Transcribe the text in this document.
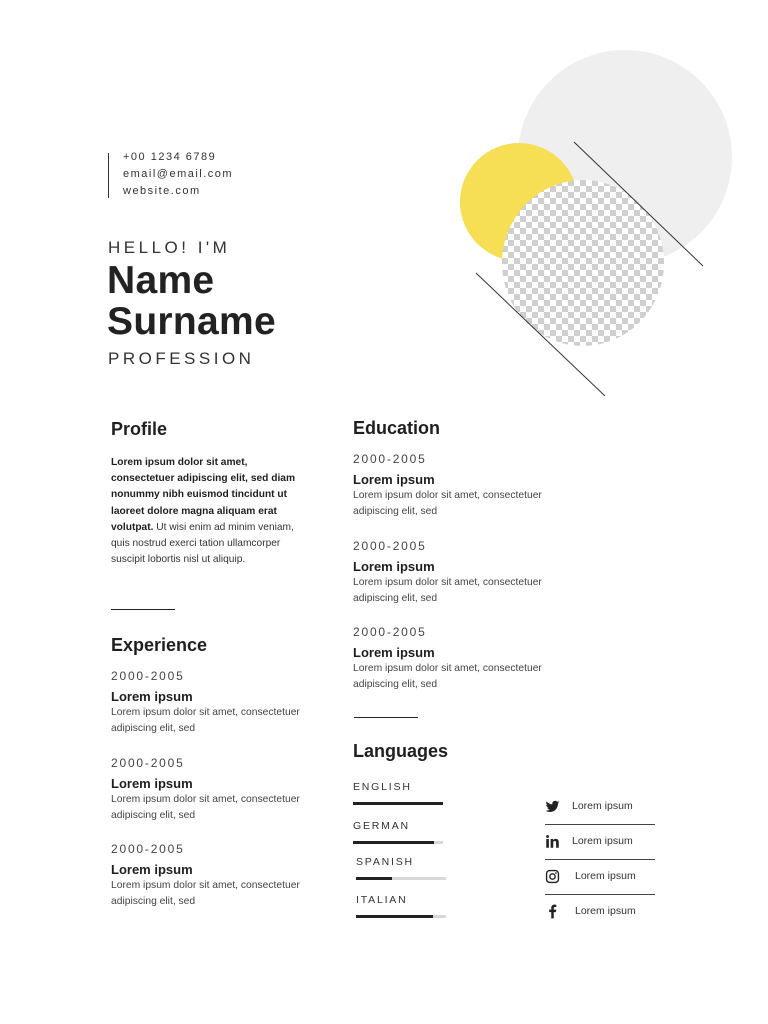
+00 1234 6789
email@email.com
website.com
HELLO! I'M
Name
Surname
PROFESSION
Profile
Lorem ipsum dolor sit amet, consectetuer adipiscing elit, sed diam nonummy nibh euismod tincidunt ut laoreet dolore magna aliquam erat volutpat. Ut wisi enim ad minim veniam, quis nostrud exerci tation ullamcorper suscipit lobortis nisl ut aliquip.
Experience
2000-2005
Lorem ipsum
Lorem ipsum dolor sit amet, consectetuer adipiscing elit, sed
2000-2005
Lorem ipsum
Lorem ipsum dolor sit amet, consectetuer adipiscing elit, sed
2000-2005
Lorem ipsum
Lorem ipsum dolor sit amet, consectetuer adipiscing elit, sed
Education
2000-2005
Lorem ipsum
Lorem ipsum dolor sit amet, consectetuer adipiscing elit, sed
2000-2005
Lorem ipsum
Lorem ipsum dolor sit amet, consectetuer adipiscing elit, sed
2000-2005
Lorem ipsum
Lorem ipsum dolor sit amet, consectetuer adipiscing elit, sed
Languages
ENGLISH
GERMAN
SPANISH
ITALIAN
Lorem ipsum
Lorem ipsum
Lorem ipsum
Lorem ipsum
